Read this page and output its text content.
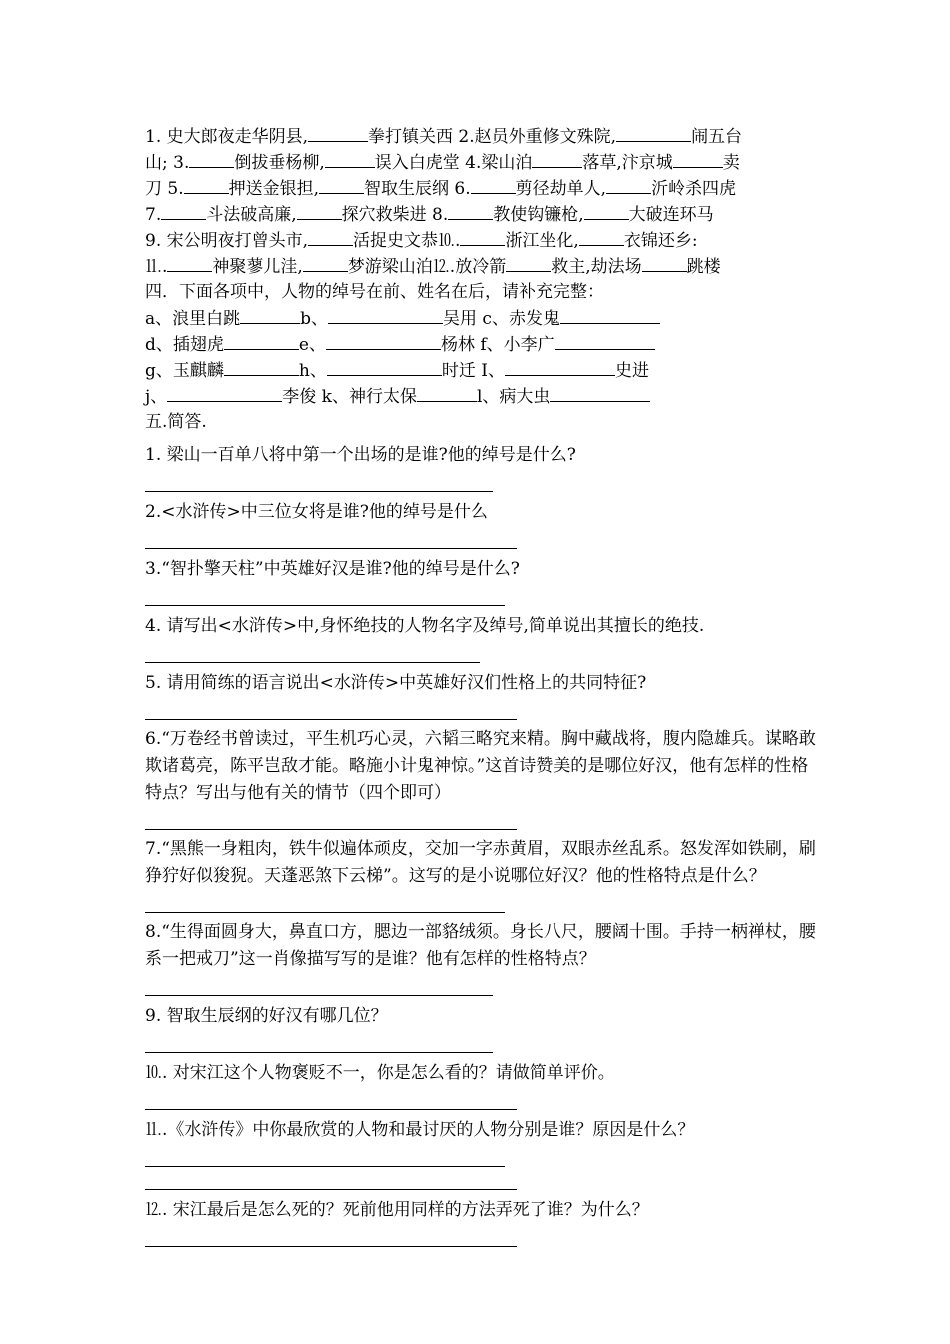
1. 史大郎夜走华阴县,	拳打镇关西 2.赵员外重修文殊院,	闹五台
山; 3.	倒拔垂杨柳,	误入白虎堂 4.梁山泊	落草,汴京城	卖
刀 5.	押送金银担,	智取生辰纲 6.	剪径劫单人,	沂岭杀四虎
7.	斗法破高廉,	探穴救柴进 8.	教使钩镰枪,	大破连环马
9. 宋公明夜打曾头市,	活捉史文恭⒑.	浙江坐化,	衣锦还乡:
⒒.	神聚蓼儿洼,	梦游梁山泊⒓.放冷箭	救主,劫法场	跳楼
四．下面各项中，人物的绰号在前、姓名在后，请补充完整：
a、浪里白跳	b、	吴用 c、赤发鬼
d、插翅虎	e、	杨林 f、小李广
g、玉麒麟	h、	时迁 I、	史进
j、	李俊 k、神行太保	l、病大虫
五.简答.
1. 梁山一百单八将中第一个出场的是谁?他的绰号是什么?
2.<水浒传>中三位女将是谁?他的绰号是什么
3.“智扑擎天柱”中英雄好汉是谁?他的绰号是什么?
4. 请写出<水浒传>中,身怀绝技的人物名字及绰号,简单说出其擅长的绝技.
5. 请用简练的语言说出<水浒传>中英雄好汉们性格上的共同特征?
6.“万卷经书曾读过，平生机巧心灵，六韬三略究来精。胸中藏战将，腹内隐雄兵。谋略敢欺诸葛亮，陈平岂敌才能。略施小计鬼神惊。”这首诗赞美的是哪位好汉，他有怎样的性格特点？写出与他有关的情节（四个即可）
7.“黑熊一身粗肉，铁牛似遍体顽皮，交加一字赤黄眉，双眼赤丝乱系。怒发浑如铁刷，刷狰狞好似狻猊。天蓬恶煞下云梯”。这写的是小说哪位好汉？他的性格特点是什么？
8.“生得面圆身大，鼻直口方，腮边一部貉绒须。身长八尺，腰阔十围。手持一柄禅杖，腰系一把戒刀”这一肖像描写写的是谁？他有怎样的性格特点？
9. 智取生辰纲的好汉有哪几位？
⒑. 对宋江这个人物褒贬不一，你是怎么看的？请做简单评价。
⒒.《水浒传》中你最欣赏的人物和最讨厌的人物分别是谁？原因是什么？
⒓. 宋江最后是怎么死的？死前他用同样的方法弄死了谁？为什么？
